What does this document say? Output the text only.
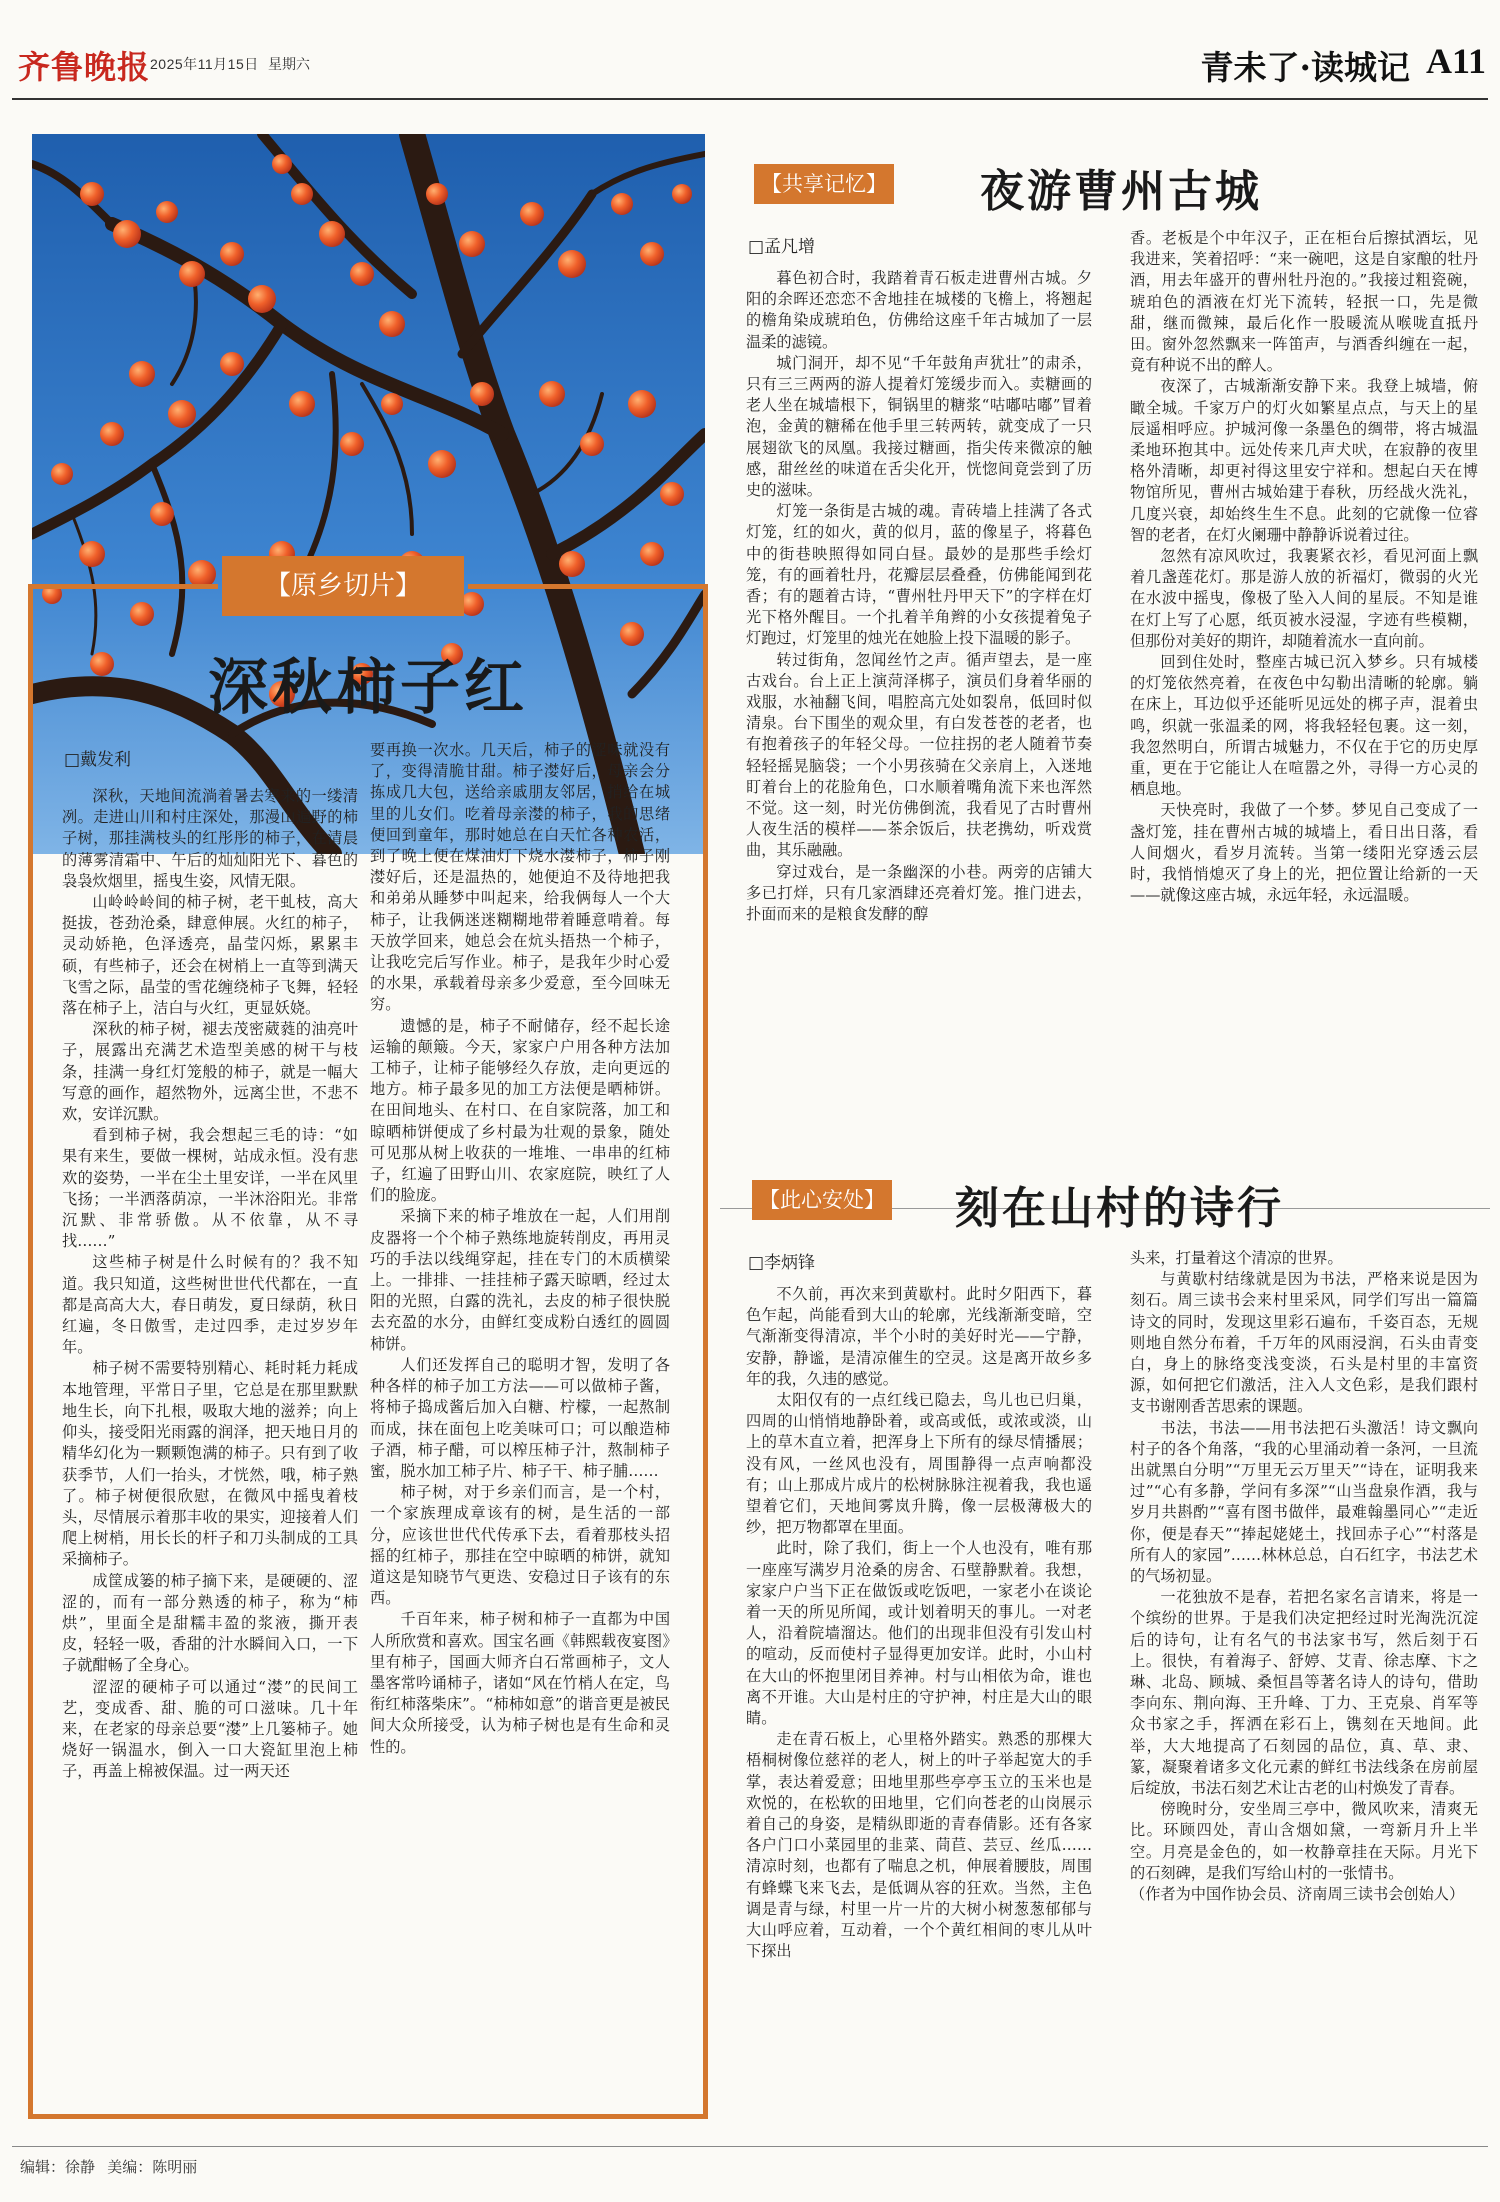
齐鲁晚报 2025年11月15日 星期六	青未了·读城记 A11
【原乡切片】
深秋柿子红
□戴发利

深秋，天地间流淌着暑去寒来的一缕清冽。走进山川和村庄深处，那漫山遍野的柿子树，那挂满枝头的红彤彤的柿子，在清晨的薄雾清霜中、午后的灿灿阳光下、暮色的袅袅炊烟里，摇曳生姿，风情无限。

山岭岭岭间的柿子树，老干虬枝，高大挺拔，苍劲沧桑，肆意伸展。火红的柿子，灵动娇艳，色泽透亮，晶莹闪烁，累累丰硕，有些柿子，还会在树梢上一直等到满天飞雪之际，晶莹的雪花缠绕柿子飞舞，轻轻落在柿子上，洁白与火红，更显妖娆。

深秋的柿子树，褪去茂密葳蕤的油亮叶子，展露出充满艺术造型美感的树干与枝条，挂满一身红灯笼般的柿子，就是一幅大写意的画作，超然物外，远离尘世，不悲不欢，安详沉默。

看到柿子树，我会想起三毛的诗：“如果有来生，要做一棵树，站成永恒。没有悲欢的姿势，一半在尘土里安详，一半在风里飞扬；一半洒落荫凉，一半沐浴阳光。非常沉默、非常骄傲。从不依靠，从不寻找……”

这些柿子树是什么时候有的？我不知道。我只知道，这些树世世代代都在，一直都是高高大大，春日萌发，夏日绿荫，秋日红遍，冬日傲雪，走过四季，走过岁岁年年。

柿子树不需要特别精心、耗时耗力耗成本地管理，平常日子里，它总是在那里默默地生长，向下扎根，吸取大地的滋养；向上仰头，接受阳光雨露的润泽，把天地日月的精华幻化为一颗颗饱满的柿子。只有到了收获季节，人们一抬头，才恍然，哦，柿子熟了。柿子树便很欣慰，在微风中摇曳着枝头，尽情展示着那丰收的果实，迎接着人们爬上树梢，用长长的杆子和刀头制成的工具采摘柿子。

成筐成篓的柿子摘下来，是硬硬的、涩涩的，而有一部分熟透的柿子，称为“柿烘”，里面全是甜糯丰盈的浆液，撕开表皮，轻轻一吸，香甜的汁水瞬间入口，一下子就酣畅了全身心。

涩涩的硬柿子可以通过“漤”的民间工艺，变成香、甜、脆的可口滋味。几十年来，在老家的母亲总要“漤”上几篓柿子。她烧好一锅温水，倒入一口大瓷缸里泡上柿子，再盖上棉被保温。过一两天还

要再换一次水。几天后，柿子的涩味就没有了，变得清脆甘甜。柿子漤好后，母亲会分拣成几大包，送给亲戚朋友邻居，捎给在城里的儿女们。吃着母亲漤的柿子，我的思绪便回到童年，那时她总在白天忙各种农活，到了晚上便在煤油灯下烧水漤柿子，柿子刚漤好后，还是温热的，她便迫不及待地把我和弟弟从睡梦中叫起来，给我俩每人一个大柿子，让我俩迷迷糊糊地带着睡意啃着。每天放学回来，她总会在炕头捂热一个柿子，让我吃完后写作业。柿子，是我年少时心爱的水果，承载着母亲多少爱意，至今回味无穷。

遗憾的是，柿子不耐储存，经不起长途运输的颠簸。今天，家家户户用各种方法加工柿子，让柿子能够经久存放，走向更远的地方。柿子最多见的加工方法便是晒柿饼。在田间地头、在村口、在自家院落，加工和晾晒柿饼便成了乡村最为壮观的景象，随处可见那从树上收获的一堆堆、一串串的红柿子，红遍了田野山川、农家庭院，映红了人们的脸庞。

采摘下来的柿子堆放在一起，人们用削皮器将一个个柿子熟练地旋转削皮，再用灵巧的手法以线绳穿起，挂在专门的木质横梁上。一排排、一挂挂柿子露天晾晒，经过太阳的光照，白露的洗礼，去皮的柿子很快脱去充盈的水分，由鲜红变成粉白透红的圆圆柿饼。

人们还发挥自己的聪明才智，发明了各种各样的柿子加工方法——可以做柿子酱，将柿子捣成酱后加入白糖、柠檬，一起熬制而成，抹在面包上吃美味可口；可以酿造柿子酒，柿子醋，可以榨压柿子汁，熬制柿子蜜，脱水加工柿子片、柿子干、柿子脯……

柿子树，对于乡亲们而言，是一个村，一个家族理成章该有的树，是生活的一部分，应该世世代代传承下去，看着那枝头招摇的红柿子，那挂在空中晾晒的柿饼，就知道这是知晓节气更迭、安稳过日子该有的东西。

千百年来，柿子树和柿子一直都为中国人所欣赏和喜欢。国宝名画《韩熙载夜宴图》里有柿子，国画大师齐白石常画柿子，文人墨客常吟诵柿子，诸如“风在竹梢人在定，鸟衔红柿落柴床”。“柿柿如意”的谐音更是被民间大众所接受，认为柿子树也是有生命和灵性的。

【共享记忆】 夜游曹州古城
□孟凡增

暮色初合时，我踏着青石板走进曹州古城。夕阳的余晖还恋恋不舍地挂在城楼的飞檐上，将翘起的檐角染成琥珀色，仿佛给这座千年古城加了一层温柔的滤镜。

城门洞开，却不见“千年鼓角声犹壮”的肃杀，只有三三两两的游人提着灯笼缓步而入。卖糖画的老人坐在城墙根下，铜锅里的糖浆“咕嘟咕嘟”冒着泡，金黄的糖稀在他手里三转两转，就变成了一只展翅欲飞的凤凰。我接过糖画，指尖传来微凉的触感，甜丝丝的味道在舌尖化开，恍惚间竟尝到了历史的滋味。

灯笼一条街是古城的魂。青砖墙上挂满了各式灯笼，红的如火，黄的似月，蓝的像星子，将暮色中的街巷映照得如同白昼。最妙的是那些手绘灯笼，有的画着牡丹，花瓣层层叠叠，仿佛能闻到花香；有的题着古诗，“曹州牡丹甲天下”的字样在灯光下格外醒目。一个扎着羊角辫的小女孩提着兔子灯跑过，灯笼里的烛光在她脸上投下温暖的影子。

转过街角，忽闻丝竹之声。循声望去，是一座古戏台。台上正上演菏泽梆子，演员们身着华丽的戏服，水袖翻飞间，唱腔高亢处如裂帛，低回时似清泉。台下围坐的观众里，有白发苍苍的老者，也有抱着孩子的年轻父母。一位拄拐的老人随着节奏轻轻摇晃脑袋；一个小男孩骑在父亲肩上，入迷地盯着台上的花脸角色，口水顺着嘴角流下来也浑然不觉。这一刻，时光仿佛倒流，我看见了古时曹州人夜生活的模样——茶余饭后，扶老携幼，听戏赏曲，其乐融融。

穿过戏台，是一条幽深的小巷。两旁的店铺大多已打烊，只有几家酒肆还亮着灯笼。推门进去，扑面而来的是粮食发酵的醇

香。老板是个中年汉子，正在柜台后擦拭酒坛，见我进来，笑着招呼：“来一碗吧，这是自家酿的牡丹酒，用去年盛开的曹州牡丹泡的。”我接过粗瓷碗，琥珀色的酒液在灯光下流转，轻抿一口，先是微甜，继而微辣，最后化作一股暖流从喉咙直抵丹田。窗外忽然飘来一阵笛声，与酒香纠缠在一起，竟有种说不出的醉人。

夜深了，古城渐渐安静下来。我登上城墙，俯瞰全城。千家万户的灯火如繁星点点，与天上的星辰遥相呼应。护城河像一条墨色的绸带，将古城温柔地环抱其中。远处传来几声犬吠，在寂静的夜里格外清晰，却更衬得这里安宁祥和。想起白天在博物馆所见，曹州古城始建于春秋，历经战火洗礼，几度兴衰，却始终生生不息。此刻的它就像一位睿智的老者，在灯火阑珊中静静诉说着过往。

忽然有凉风吹过，我裹紧衣衫，看见河面上飘着几盏莲花灯。那是游人放的祈福灯，微弱的火光在水波中摇曳，像极了坠入人间的星辰。不知是谁在灯上写了心愿，纸页被水浸湿，字迹有些模糊，但那份对美好的期许，却随着流水一直向前。

回到住处时，整座古城已沉入梦乡。只有城楼的灯笼依然亮着，在夜色中勾勒出清晰的轮廓。躺在床上，耳边似乎还能听见远处的梆子声，混着虫鸣，织就一张温柔的网，将我轻轻包裹。这一刻，我忽然明白，所谓古城魅力，不仅在于它的历史厚重，更在于它能让人在喧嚣之外，寻得一方心灵的栖息地。

天快亮时，我做了一个梦。梦见自己变成了一盏灯笼，挂在曹州古城的城墙上，看日出日落，看人间烟火，看岁月流转。当第一缕阳光穿透云层时，我悄悄熄灭了身上的光，把位置让给新的一天——就像这座古城，永远年轻，永远温暖。

【此心安处】 刻在山村的诗行
□李炳锋

不久前，再次来到黄歇村。此时夕阳西下，暮色乍起，尚能看到大山的轮廓，光线渐渐变暗，空气渐渐变得清凉，半个小时的美好时光——宁静，安静，静谧，是清凉催生的空灵。这是离开故乡多年的我，久违的感觉。

太阳仅有的一点红线已隐去，鸟儿也已归巢，四周的山悄悄地静卧着，或高或低，或浓或淡，山上的草木直立着，把浑身上下所有的绿尽情播展；没有风，一丝风也没有，周围静得一点声响都没有；山上那成片成片的松树脉脉注视着我，我也遥望着它们，天地间雾岚升腾，像一层极薄极大的纱，把万物都罩在里面。

此时，除了我们，街上一个人也没有，唯有那一座座写满岁月沧桑的房舍、石壁静默着。我想，家家户户当下正在做饭或吃饭吧，一家老小在谈论着一天的所见所闻，或计划着明天的事儿。一对老人，沿着院墙溜达。他们的出现非但没有引发山村的喧动，反而使村子显得更加安详。此时，小山村在大山的怀抱里闭目养神。村与山相依为命，谁也离不开谁。大山是村庄的守护神，村庄是大山的眼睛。

走在青石板上，心里格外踏实。熟悉的那棵大梧桐树像位慈祥的老人，树上的叶子举起宽大的手掌，表达着爱意；田地里那些亭亭玉立的玉米也是欢悦的，在松软的田地里，它们向苍老的山岗展示着自己的身姿，是精纵即逝的青春倩影。还有各家各户门口小菜园里的韭菜、茼苣、芸豆、丝瓜……清凉时刻，也都有了喘息之机，伸展着腰肢，周围有蜂蝶飞来飞去，是低调从容的狂欢。当然，主色调是青与绿，村里一片一片的大树小树葱葱郁郁与大山呼应着，互动着，一个个黄红相间的枣儿从叶下探出

头来，打量着这个清凉的世界。

与黄歇村结缘就是因为书法，严格来说是因为刻石。周三读书会来村里采风，同学们写出一篇篇诗文的同时，发现这里彩石遍布，千姿百态，无规则地自然分布着，千万年的风雨浸润，石头由青变白，身上的脉络变浅变淡，石头是村里的丰富资源，如何把它们激活，注入人文色彩，是我们跟村支书谢刚香苦思索的课题。

书法，书法——用书法把石头激活！诗文飘向村子的各个角落，“我的心里涌动着一条河，一旦流出就黑白分明”“万里无云万里天”“诗在，证明我来过”“心有多静，学问有多深”“山当盘泉作酒，我与岁月共斟酌”“喜有图书做伴，最难翰墨同心”“走近你，便是春天”“捧起姥姥土，找回赤子心”“村落是所有人的家园”……林林总总，白石红字，书法艺术的气场初显。

一花独放不是春，若把名家名言请来，将是一个缤纷的世界。于是我们决定把经过时光淘洗沉淀后的诗句，让有名气的书法家书写，然后刻于石上。很快，有着海子、舒婷、艾青、徐志摩、卞之琳、北岛、顾城、桑恒昌等著名诗人的诗句，借助李向东、荆向海、王升峰、丁力、王克泉、肖军等众书家之手，挥洒在彩石上，镌刻在天地间。此举，大大地提高了石刻园的品位，真、草、隶、篆，凝聚着诸多文化元素的鲜红书法线条在房前屋后绽放，书法石刻艺术让古老的山村焕发了青春。

傍晚时分，安坐周三亭中，微风吹来，清爽无比。环顾四处，青山含烟如黛，一弯新月升上半空。月亮是金色的，如一枚静章挂在天际。月光下的石刻碑，是我们写给山村的一张情书。

（作者为中国作协会员、济南周三读书会创始人）

编辑：徐静 美编：陈明丽
